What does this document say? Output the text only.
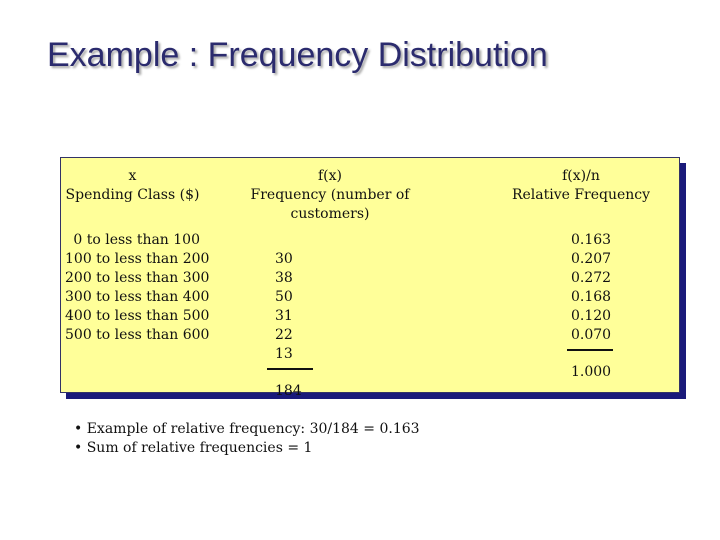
Example : Frequency Distribution
x
Spending Class ($)
0 to less than 100
100 to less than 200
200 to less than 300
300 to less than 400
400 to less than 500
500 to less than 600
f(x)
Frequency (number of customers)
30
38
50
31
22
13
184
f(x)/n
Relative Frequency
0.163
0.207
0.272
0.168
0.120
0.070
1.000
• Example of relative frequency: 30/184 = 0.163
• Sum of relative frequencies = 1
